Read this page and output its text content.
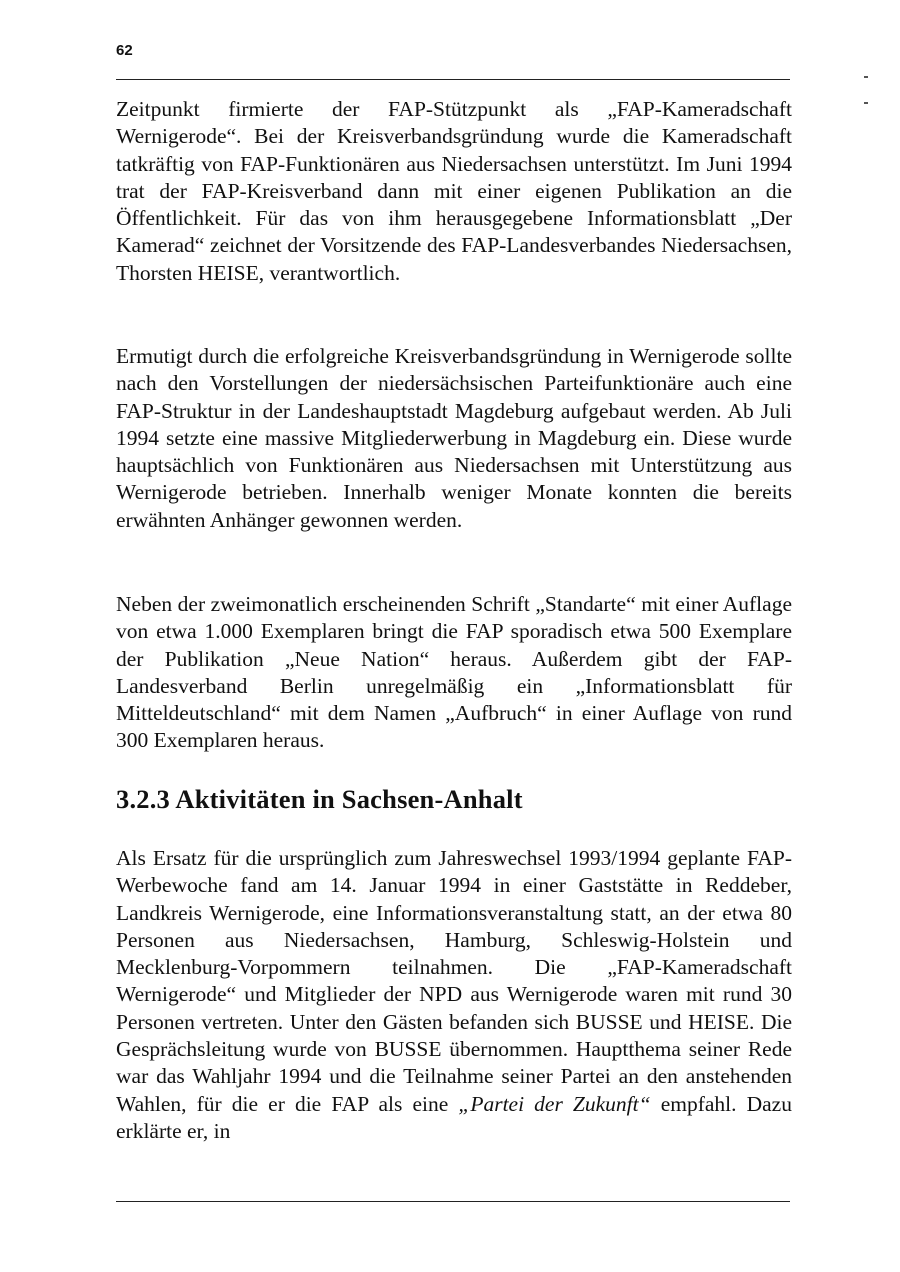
62

Zeitpunkt firmierte der FAP-Stützpunkt als „FAP-Kameradschaft Wernigerode“. Bei der Kreisverbandsgründung wurde die Kameradschaft tatkräftig von FAP-Funktionären aus Niedersachsen unterstützt. Im Juni 1994 trat der FAP-Kreisverband dann mit einer eigenen Publikation an die Öffentlichkeit. Für das von ihm herausgegebene Informationsblatt „Der Kamerad“ zeichnet der Vorsitzende des FAP-Landesverbandes Niedersachsen, Thorsten HEISE, verantwortlich.

Ermutigt durch die erfolgreiche Kreisverbandsgründung in Wernigerode sollte nach den Vorstellungen der niedersächsischen Parteifunktionäre auch eine FAP-Struktur in der Landeshauptstadt Magdeburg aufgebaut werden. Ab Juli 1994 setzte eine massive Mitgliederwerbung in Magdeburg ein. Diese wurde hauptsächlich von Funktionären aus Niedersachsen mit Unterstützung aus Wernigerode betrieben. Innerhalb weniger Monate konnten die bereits erwähnten Anhänger gewonnen werden.

Neben der zweimonatlich erscheinenden Schrift „Standarte“ mit einer Auflage von etwa 1.000 Exemplaren bringt die FAP sporadisch etwa 500 Exemplare der Publikation „Neue Nation“ heraus. Außerdem gibt der FAP-Landesverband Berlin unregelmäßig ein „Informationsblatt für Mitteldeutschland“ mit dem Namen „Aufbruch“ in einer Auflage von rund 300 Exemplaren heraus.

3.2.3 Aktivitäten in Sachsen-Anhalt

Als Ersatz für die ursprünglich zum Jahreswechsel 1993/1994 geplante FAP-Werbewoche fand am 14. Januar 1994 in einer Gaststätte in Reddeber, Landkreis Wernigerode, eine Informationsveranstaltung statt, an der etwa 80 Personen aus Niedersachsen, Hamburg, Schleswig-Holstein und Mecklenburg-Vorpommern teilnahmen. Die „FAP-Kameradschaft Wernigerode“ und Mitglieder der NPD aus Wernigerode waren mit rund 30 Personen vertreten. Unter den Gästen befanden sich BUSSE und HEISE. Die Gesprächsleitung wurde von BUSSE übernommen. Hauptthema seiner Rede war das Wahljahr 1994 und die Teilnahme seiner Partei an den anstehenden Wahlen, für die er die FAP als eine „Partei der Zukunft“ empfahl. Dazu erklärte er, in
